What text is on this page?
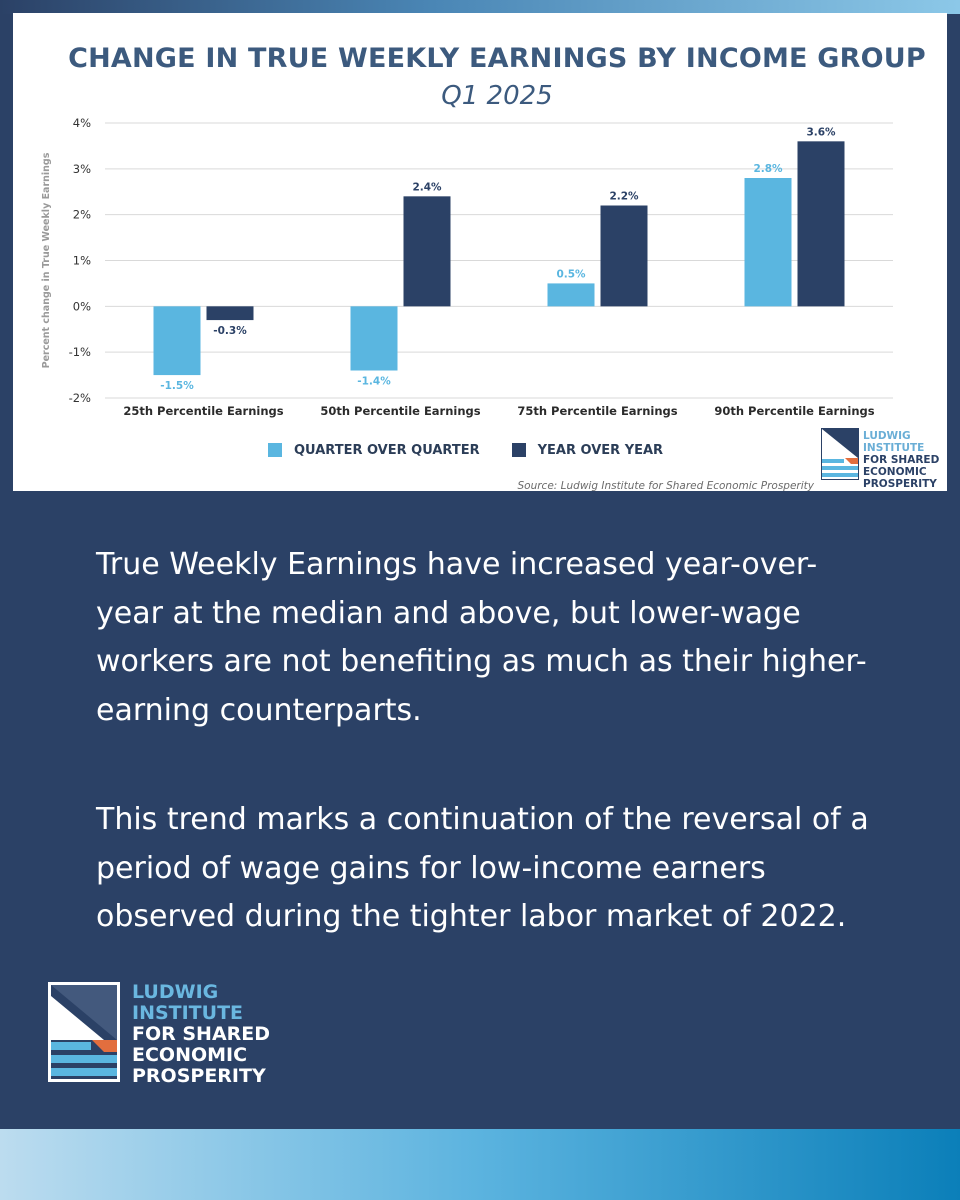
CHANGE IN TRUE WEEKLY EARNINGS BY INCOME GROUP
Q1 2025
4%
3%
2%
1%
0%
-1%
-2%
Percent change in True Weekly Earnings
-1.5%
-0.3%
25th Percentile Earnings
-1.4%
2.4%
50th Percentile Earnings
0.5%
2.2%
75th Percentile Earnings
2.8%
3.6%
90th Percentile Earnings
QUARTER OVER QUARTER	YEAR OVER YEAR
Source: Ludwig Institute for Shared Economic Prosperity
LUDWIG
INSTITUTE
FOR SHARED
ECONOMIC
PROSPERITY

True Weekly Earnings have increased year-over-year at the median and above, but lower-wage workers are not benefiting as much as their higher-earning counterparts.

This trend marks a continuation of the reversal of a period of wage gains for low-income earners observed during the tighter labor market of 2022.

LUDWIG
INSTITUTE
FOR SHARED
ECONOMIC
PROSPERITY
